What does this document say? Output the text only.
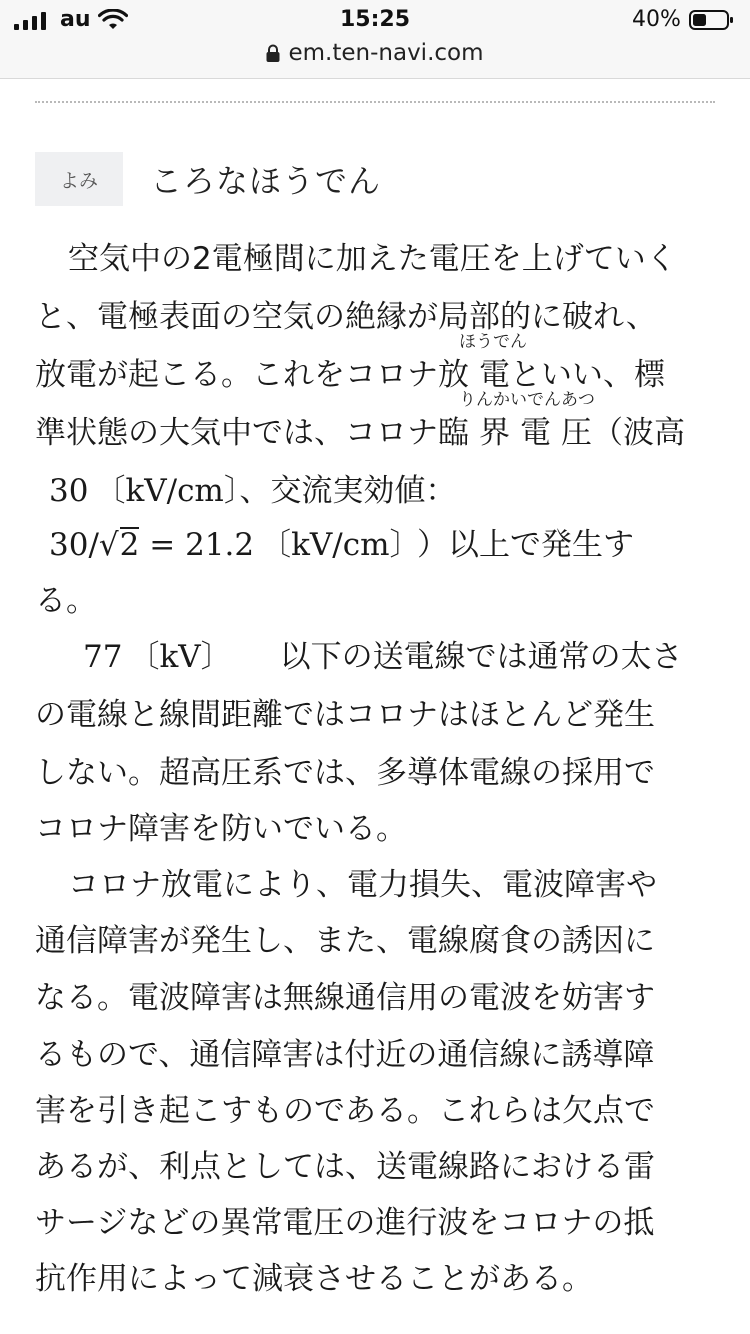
au	15:25	40%
em.ten-navi.com
よみ	ころなほうでん
空気中の2電極間に加えた電圧を上げていく
と、電極表面の空気の絶縁が局部的に破れ、
ほうでん
放電が起こる。これをコロナ放 電といい、標
りんかいでんあつ
準状態の大気中では、コロナ臨 界 電 圧（波高
30 〔kV/cm〕、交流実効値：
30/√2 = 21.2 〔kV/cm〕 ）以上で発生す
る。
77 〔kV〕 以下の送電線では通常の太さ
の電線と線間距離ではコロナはほとんど発生
しない。超高圧系では、多導体電線の採用で
コロナ障害を防いでいる。
コロナ放電により、電力損失、電波障害や
通信障害が発生し、また、電線腐食の誘因に
なる。電波障害は無線通信用の電波を妨害す
るもので、通信障害は付近の通信線に誘導障
害を引き起こすものである。これらは欠点で
あるが、利点としては、送電線路における雷
サージなどの異常電圧の進行波をコロナの抵
抗作用によって減衰させることがある。
